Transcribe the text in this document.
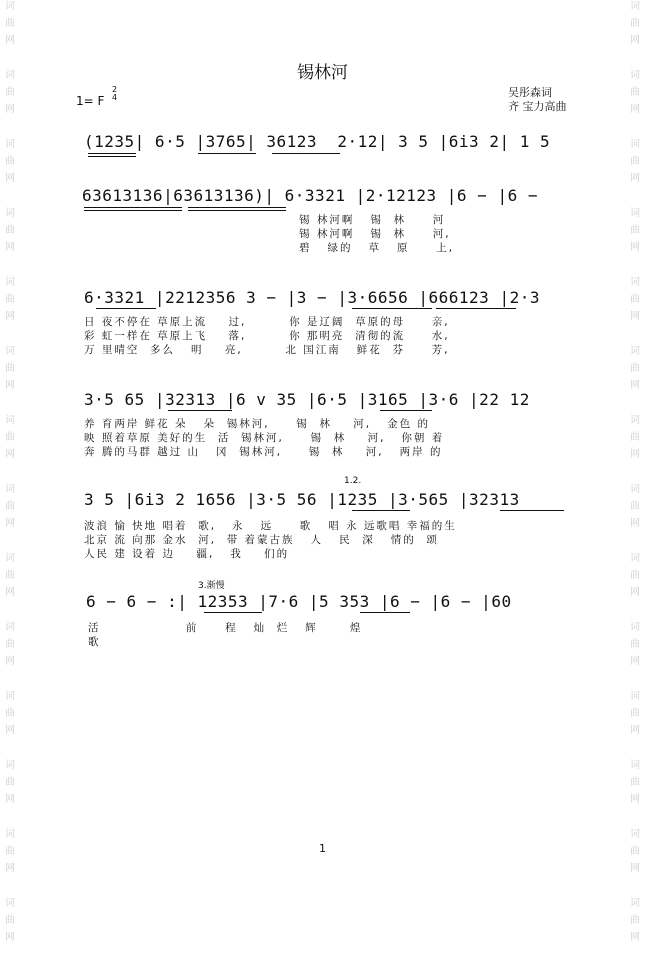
词
曲
网
词
曲
网
词
曲
网
词
曲
网
词
曲
网
词
曲
网
词
曲
网
词
曲
网
词
曲
网
词
曲
网
词
曲
网
词
曲
网
词
曲
网
词
曲
网
词
曲
网
词
曲
网
词
曲
网
词
曲
网
词
曲
网
词
曲
网
词
曲
网
词
曲
网
词
曲
网
词
曲
网
词
曲
网
词
曲
网
词
曲
网
词
曲
网
锡林河
1= F
2
4	吴彤森词
齐 宝力高曲
(1235| 6·5 |3765| 36123  2·12| 3 5 |6i3 2| 1 5
63613136|63613136)| 6·3321 |2·12123 |6 − |6 −
锡 林河啊   锡  林     河
锡 林河啊   锡  林     河,
碧   绿的   草   原     上,
6·3321 |2212356 3 − |3 − |3·6656 |666123 |2·3
日 夜不停在 草原上流    过,        你 是辽阔  草原的母     亲,
彩 虹一样在 草原上飞    落,        你 那明亮  清彻的流     水,
万 里晴空  多么   明    亮,        北 国江南   鲜花  芬     芳,
3·5 65 |32313 |6 v 35 |6·5 |3165 |3·6 |22 12
养 育两岸 鲜花 朵   朵  锡林河,     锡  林    河,   金色 的
映 照着草原 美好的生  活  锡林河,     锡  林    河,   你朝 着
奔 腾的马群 越过 山   冈  锡林河,     锡  林    河,   两岸 的
1.2.
3 5 |6i3 2 1656 |3·5 56 |1235 |3·565 |32313
波浪 愉 快地 唱着  歌,   永   远     歌   唱 永 远歌唱 幸福的生
北京 流 向那 金水  河,  带 着蒙古族   人   民  深   情的  颂
人民 建 设着 边    疆,   我    们的
3.渐慢
6 − 6 − :| 12353 |7·6 |5 353 |6 − |6 − |60
活                前     程   灿  烂   辉      煌
歌
1
